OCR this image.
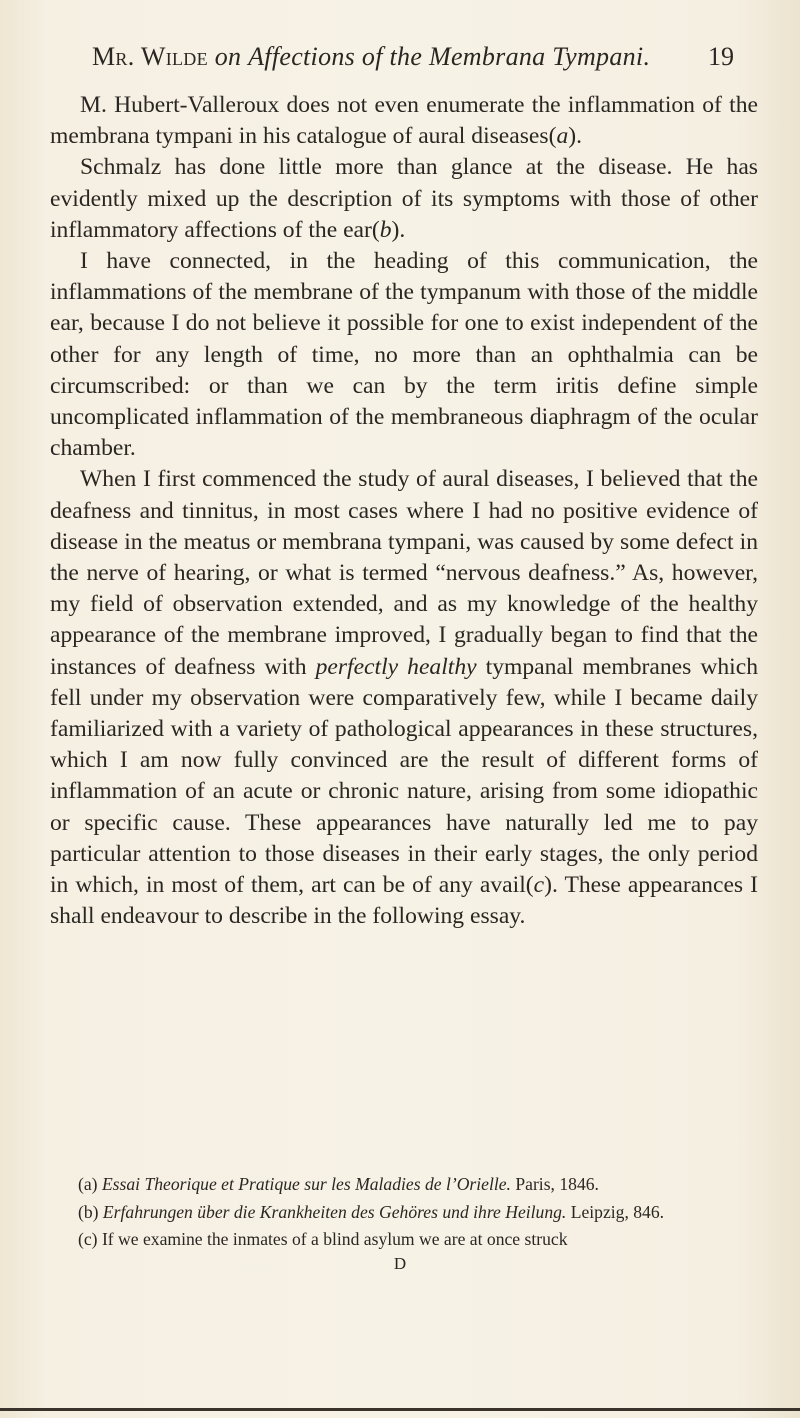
Mr. Wilde on Affections of the Membrana Tympani.	19

M. Hubert-Valleroux does not even enumerate the inflammation of the membrana tympani in his catalogue of aural diseases(a).

Schmalz has done little more than glance at the disease. He has evidently mixed up the description of its symptoms with those of other inflammatory affections of the ear(b).

I have connected, in the heading of this communication, the inflammations of the membrane of the tympanum with those of the middle ear, because I do not believe it possible for one to exist independent of the other for any length of time, no more than an ophthalmia can be circumscribed: or than we can by the term iritis define simple uncomplicated inflammation of the membraneous diaphragm of the ocular chamber.

When I first commenced the study of aural diseases, I believed that the deafness and tinnitus, in most cases where I had no positive evidence of disease in the meatus or membrana tympani, was caused by some defect in the nerve of hearing, or what is termed “nervous deafness.” As, however, my field of observation extended, and as my knowledge of the healthy appearance of the membrane improved, I gradually began to find that the instances of deafness with perfectly healthy tympanal membranes which fell under my observation were comparatively few, while I became daily familiarized with a variety of pathological appearances in these structures, which I am now fully convinced are the result of different forms of inflammation of an acute or chronic nature, arising from some idiopathic or specific cause. These appearances have naturally led me to pay particular attention to those diseases in their early stages, the only period in which, in most of them, art can be of any avail(c). These appearances I shall endeavour to describe in the following essay.

(a) Essai Theorique et Pratique sur les Maladies de l’Orielle. Paris, 1846.

(b) Erfahrungen über die Krankheiten des Gehöres und ihre Heilung. Leipzig, 846.

(c) If we examine the inmates of a blind asylum we are at once struck

D
